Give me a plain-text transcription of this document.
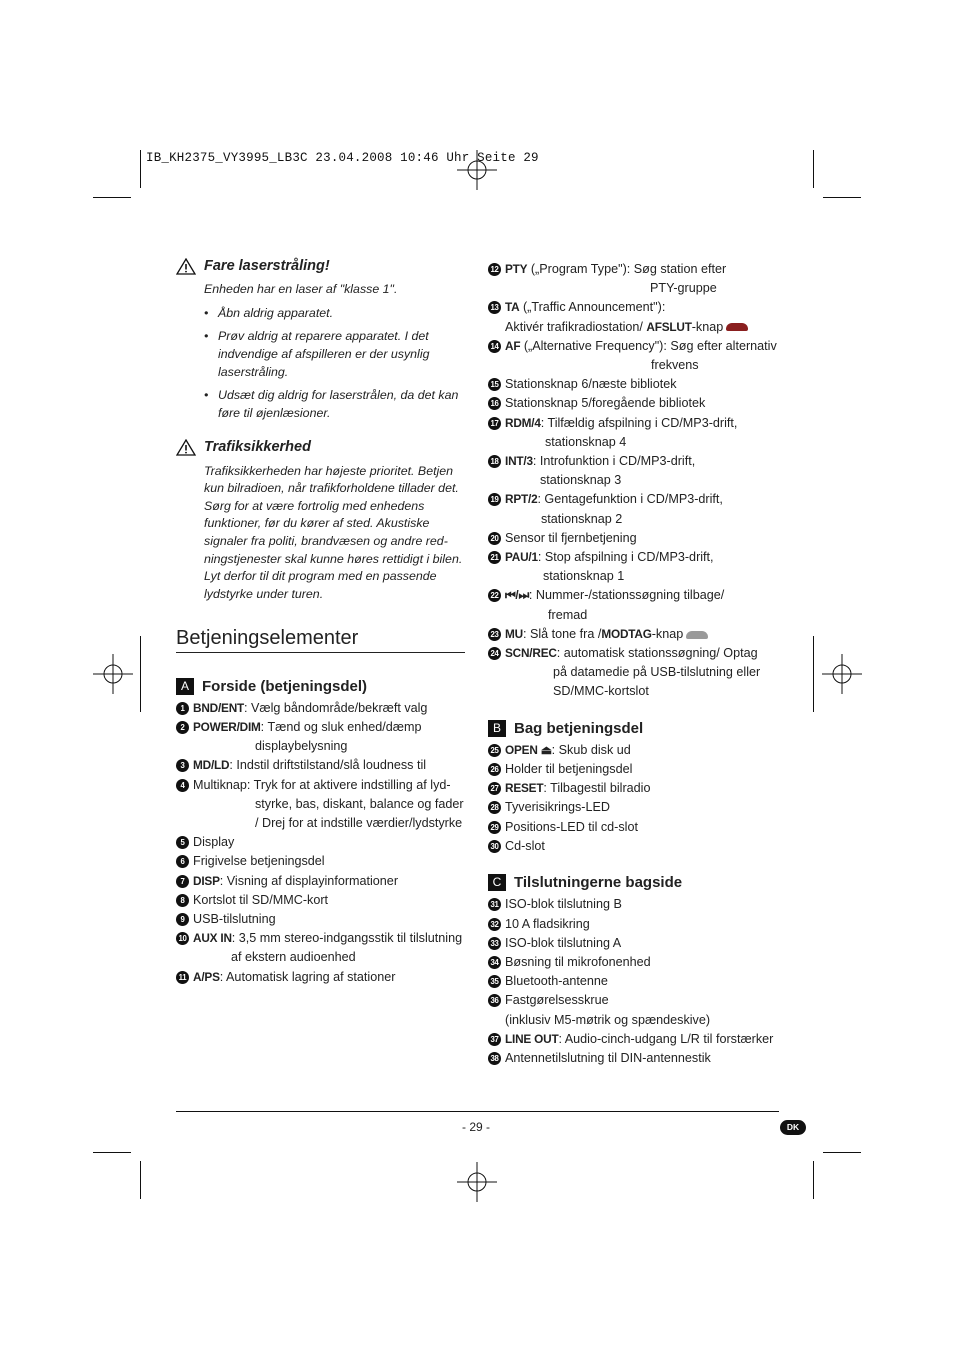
IB_KH2375_VY3995_LB3C 23.04.2008 10:46 Uhr Seite 29
Fare laserstråling!
Enheden har en laser af "klasse 1".
• Åbn aldrig apparatet.
• Prøv aldrig at reparere apparatet. I det indvendige af afspilleren er der usynlig laserstråling.
• Udsæt dig aldrig for laserstrålen, da det kan føre til øjenlæsioner.
Trafiksikkerhed
Trafiksikkerheden har højeste prioritet. Betjen kun bilradioen, når trafikforholdene tillader det. Sørg for at være fortrolig med enhedens funktioner, før du kører af sted. Akustiske signaler fra politi, brandvæsen og andre red-ningstjenester skal kunne høres rettidigt i bilen. Lyt derfor til dit program med en passende lydstyrke under turen.
Betjeningselementer
A Forside (betjeningsdel)
1 BND/ENT: Vælg båndområde/bekræft valg
2 POWER/DIM: Tænd og sluk enhed/dæmp
displaybelysning
3 MD/LD: Indstil driftstilstand/slå loudness til
4 Multiknap: Tryk for at aktivere indstilling af lyd-
styrke, bas, diskant, balance og fader / Drej for at indstille værdier/lydstyrke
5 Display
6 Frigivelse betjeningsdel
7 DISP: Visning af displayinformationer
8 Kortslot til SD/MMC-kort
9 USB-tilslutning
10 AUX IN: 3,5 mm stereo-indgangsstik til tilslutning
af ekstern audioenhed
11 A/PS: Automatisk lagring af stationer
12 PTY („Program Type"): Søg station efter
PTY-gruppe
13 TA („Traffic Announcement"):
Aktivér trafikradiostation/ AFSLUT-knap
14 AF („Alternative Frequency"): Søg efter alternativ
frekvens
15 Stationsknap 6/næste bibliotek
16 Stationsknap 5/foregående bibliotek
17 RDM/4: Tilfældig afspilning i CD/MP3-drift,
stationsknap 4
18 INT/3: Introfunktion i CD/MP3-drift,
stationsknap 3
19 RPT/2: Gentagefunktion i CD/MP3-drift,
stationsknap 2
20 Sensor til fjernbetjening
21 PAU/1: Stop afspilning i CD/MP3-drift,
stationsknap 1
22 ⏮/⏭: Nummer-/stationssøgning tilbage/
fremad
23 MU: Slå tone fra /MODTAG-knap
24 SCN/REC: automatisk stationssøgning/ Optag
på datamedie på USB-tilslutning eller SD/MMC-kortslot
B Bag betjeningsdel
25 OPEN ⏏: Skub disk ud
26 Holder til betjeningsdel
27 RESET: Tilbagestil bilradio
28 Tyverisikrings-LED
29 Positions-LED til cd-slot
30 Cd-slot
C Tilslutningerne bagside
31 ISO-blok tilslutning B
32 10 A fladsikring
33 ISO-blok tilslutning A
34 Bøsning til mikrofonenhed
35 Bluetooth-antenne
36 Fastgørelsesskrue
(inklusiv M5-møtrik og spændeskive)
37 LINE OUT: Audio-cinch-udgang L/R til forstærker
38 Antennetilslutning til DIN-antennestik
- 29 -	DK
